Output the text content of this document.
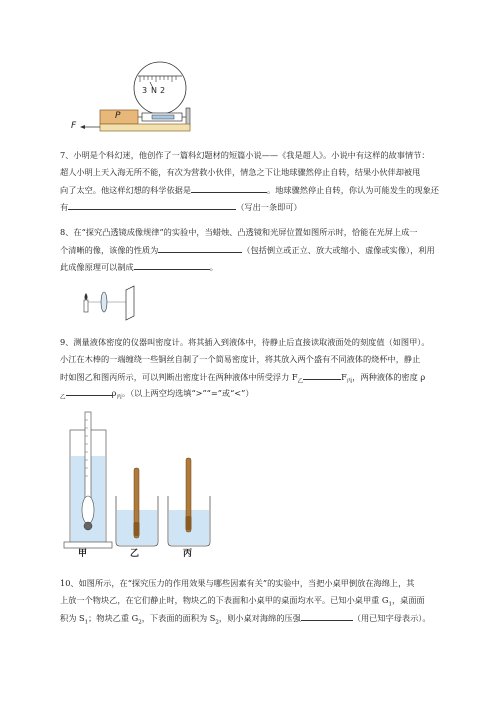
3 N 2
P
F
7、小明是个科幻迷，他创作了一篇科幻题材的短篇小说——《我是超人》。小说中有这样的故事情节：
超人小明上天入海无所不能，有次为营救小伙伴，情急之下让地球骤然停止自转，结果小伙伴却被甩
向了太空。他这样幻想的科学依据是	。地球骤然停止自转，你认为可能发生的现象还
有	（写出一条即可）
8、在“探究凸透镜成像规律”的实验中，当蜡烛、凸透镜和光屏位置如图所示时，恰能在光屏上成一
个清晰的像，该像的性质为	（包括倒立或正立、放大或缩小、虚像或实像），利用
此成像原理可以制成	。
9、测量液体密度的仪器叫密度计。将其插入到液体中，待静止后直接读取液面处的刻度值（如图甲）。
小江在木棒的一端缠绕一些铜丝自制了一个简易密度计，将其放入两个盛有不同液体的烧杯中，静止
时如图乙和图丙所示，可以判断出密度计在两种液体中所受浮力 $F_乙$	$F_丙$，两种液体的密度 ρ
$_乙$	$\rho_丙$。（以上两空均选填“>”“=”或“<”）
甲	乙	丙
10、如图所示，在“探究压力的作用效果与哪些因素有关”的实验中，当把小桌甲倒放在海绵上，其
上放一个物块乙，在它们静止时，物块乙的下表面和小桌甲的桌面均水平。已知小桌甲重 $G_1$，桌面面
积为 $S_1$；物块乙重 $G_2$，下表面的面积为 $S_2$，则小桌对海绵的压强	（用已知字母表示）。
